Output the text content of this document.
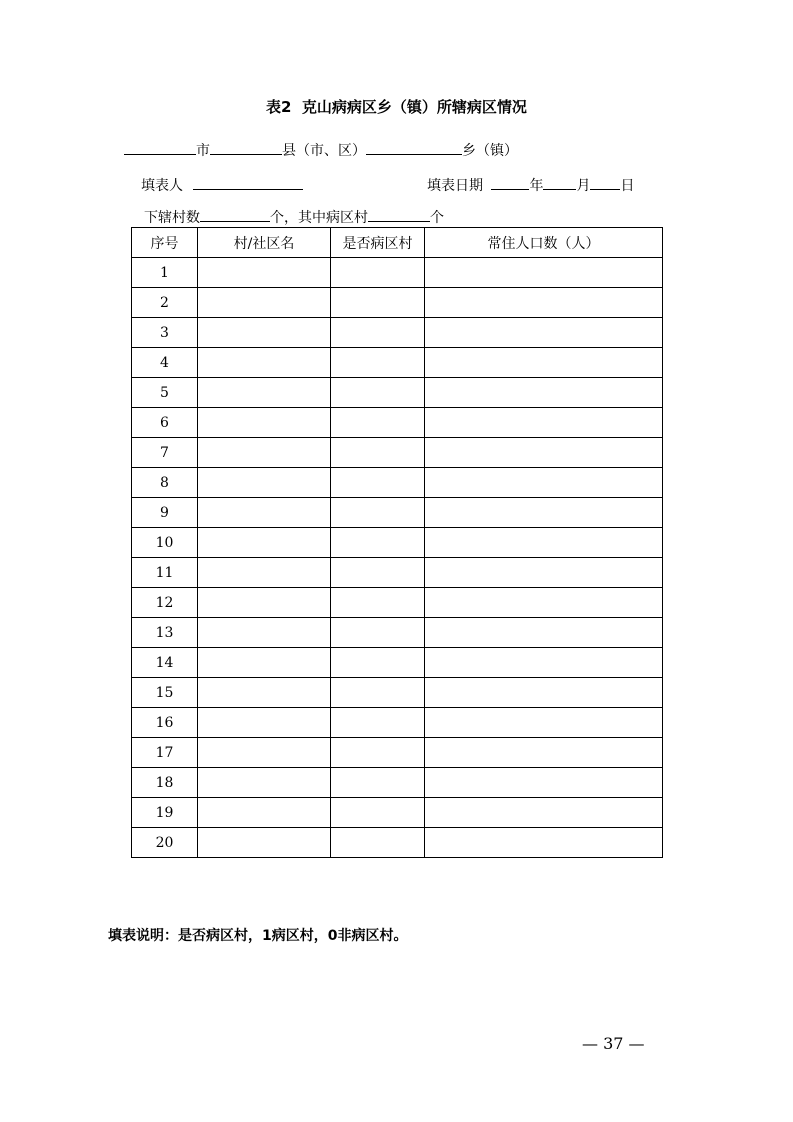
表2  克山病病区乡（镇）所辖病区情况
市	县（市、区）	乡（镇）
填表人	填表日期	年 月 日
下辖村数	个，其中病区村	个
序号	村/社区名	是否病区村	常住人口数（人）
1			
2			
3			
4			
5			
6			
7			
8			
9			
10			
11			
12			
13			
14			
15			
16			
17			
18			
19			
20			
填表说明：是否病区村，1病区村，0非病区村。
— 37 —
